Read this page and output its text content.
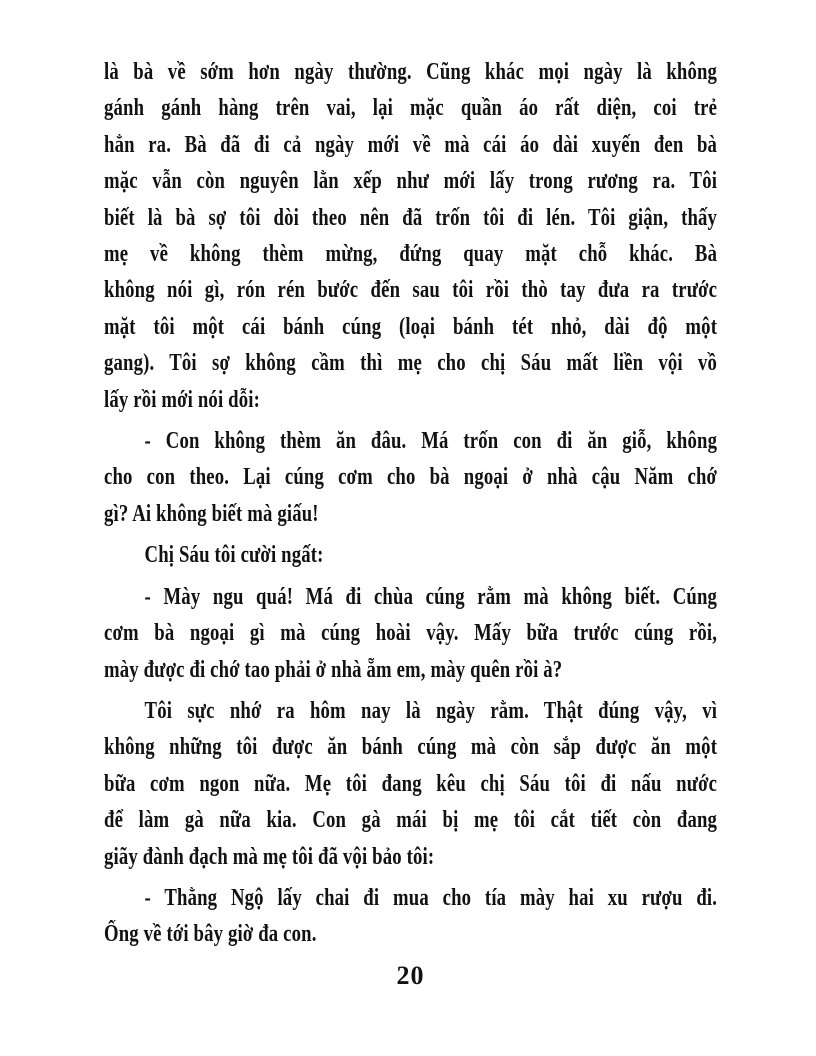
là bà về sớm hơn ngày thường. Cũng khác mọi ngày là không
gánh gánh hàng trên vai, lại mặc quần áo rất diện, coi trẻ
hẳn ra. Bà đã đi cả ngày mới về mà cái áo dài xuyến đen bà
mặc vẫn còn nguyên lằn xếp như mới lấy trong rương ra. Tôi
biết là bà sợ tôi dòi theo nên đã trốn tôi đi lén. Tôi giận, thấy
mẹ về không thèm mừng, đứng quay mặt chỗ khác. Bà
không nói gì, rón rén bước đến sau tôi rồi thò tay đưa ra trước
mặt tôi một cái bánh cúng (loại bánh tét nhỏ, dài độ một
gang). Tôi sợ không cầm thì mẹ cho chị Sáu mất liền vội vồ
lấy rồi mới nói dỗi:
- Con không thèm ăn đâu. Má trốn con đi ăn giỗ, không
cho con theo. Lại cúng cơm cho bà ngoại ở nhà cậu Năm chớ
gì? Ai không biết mà giấu!
Chị Sáu tôi cười ngất:
- Mày ngu quá! Má đi chùa cúng rằm mà không biết. Cúng
cơm bà ngoại gì mà cúng hoài vậy. Mấy bữa trước cúng rồi,
mày được đi chớ tao phải ở nhà ẵm em, mày quên rồi à?
Tôi sực nhớ ra hôm nay là ngày rằm. Thật đúng vậy, vì
không những tôi được ăn bánh cúng mà còn sắp được ăn một
bữa cơm ngon nữa. Mẹ tôi đang kêu chị Sáu tôi đi nấu nước
để làm gà nữa kia. Con gà mái bị mẹ tôi cắt tiết còn đang
giãy đành đạch mà mẹ tôi đã vội bảo tôi:
- Thằng Ngộ lấy chai đi mua cho tía mày hai xu rượu đi.
Ổng về tới bây giờ đa con.
20
